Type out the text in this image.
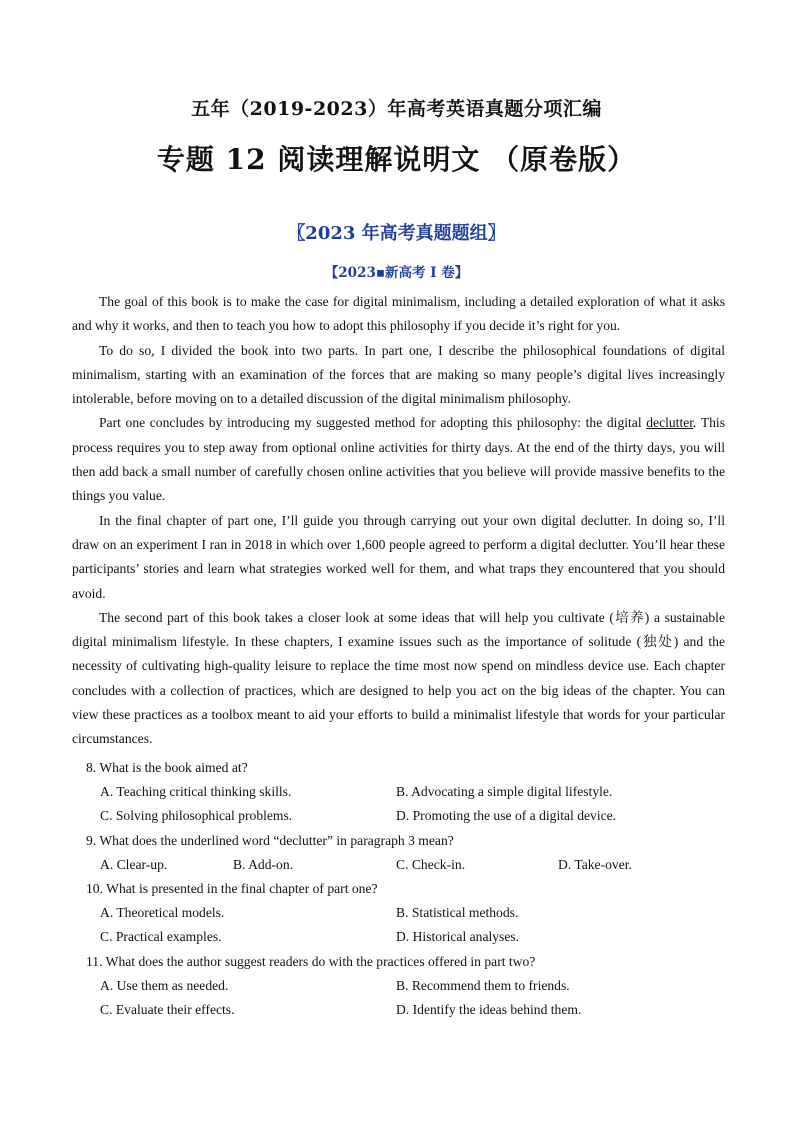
五年（2019-2023）年高考英语真题分项汇编
专题 12 阅读理解说明文 （原卷版）
〖2023 年高考真题题组〗
【2023▪新高考 I 卷】

The goal of this book is to make the case for digital minimalism, including a detailed exploration of what it asks and why it works, and then to teach you how to adopt this philosophy if you decide it’s right for you.

To do so, I divided the book into two parts. In part one, I describe the philosophical foundations of digital minimalism, starting with an examination of the forces that are making so many people’s digital lives increasingly intolerable, before moving on to a detailed discussion of the digital minimalism philosophy.

Part one concludes by introducing my suggested method for adopting this philosophy: the digital declutter. This process requires you to step away from optional online activities for thirty days. At the end of the thirty days, you will then add back a small number of carefully chosen online activities that you believe will provide massive benefits to the things you value.

In the final chapter of part one, I’ll guide you through carrying out your own digital declutter. In doing so, I’ll draw on an experiment I ran in 2018 in which over 1,600 people agreed to perform a digital declutter. You’ll hear these participants’ stories and learn what strategies worked well for them, and what traps they encountered that you should avoid.

The second part of this book takes a closer look at some ideas that will help you cultivate (培养) a sustainable digital minimalism lifestyle. In these chapters, I examine issues such as the importance of solitude (独处) and the necessity of cultivating high-quality leisure to replace the time most now spend on mindless device use. Each chapter concludes with a collection of practices, which are designed to help you act on the big ideas of the chapter. You can view these practices as a toolbox meant to aid your efforts to build a minimalist lifestyle that words for your particular circumstances.

8. What is the book aimed at?
A. Teaching critical thinking skills.	B. Advocating a simple digital lifestyle.
C. Solving philosophical problems.	D. Promoting the use of a digital device.
9. What does the underlined word “declutter” in paragraph 3 mean?
A. Clear-up.	B. Add-on.	C. Check-in.	D. Take-over.
10. What is presented in the final chapter of part one?
A. Theoretical models.	B. Statistical methods.
C. Practical examples.	D. Historical analyses.
11. What does the author suggest readers do with the practices offered in part two?
A. Use them as needed.	B. Recommend them to friends.
C. Evaluate their effects.	D. Identify the ideas behind them.
